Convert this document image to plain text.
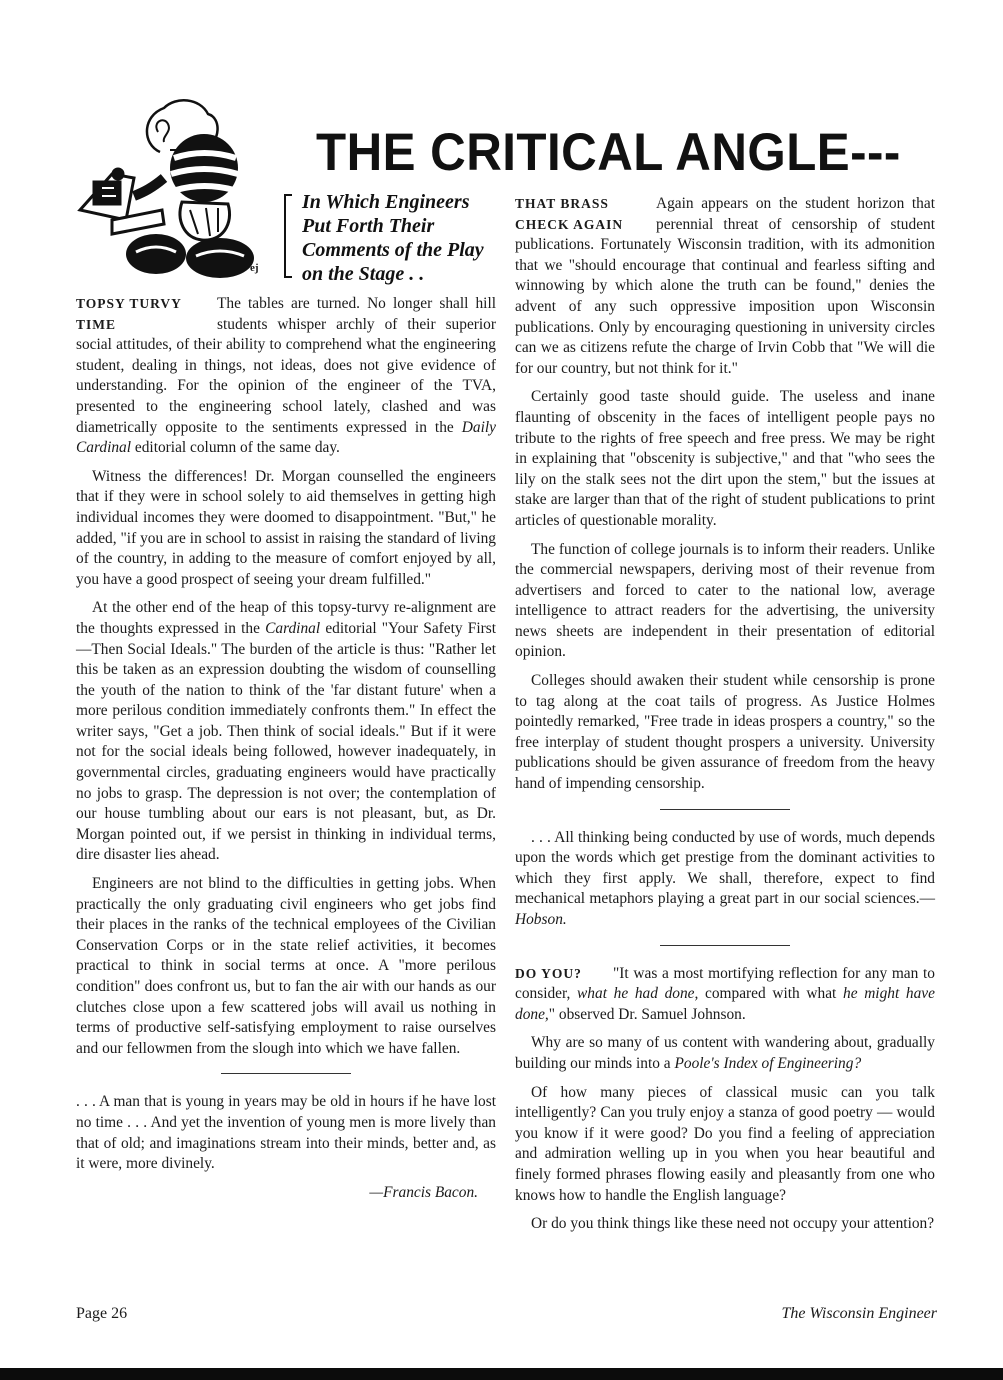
ej
THE CRITICAL ANGLE---
In Which Engineers Put Forth Their Comments of the Play on the Stage . .

TOPSY TURVY TIME
The tables are turned. No longer shall hill students whisper archly of their superior social attitudes, of their ability to comprehend what the engineering student, dealing in things, not ideas, does not give evidence of understanding. For the opinion of the engineer of the TVA, presented to the engineering school lately, clashed and was diametrically opposite to the sentiments expressed in the Daily Cardinal editorial column of the same day.

Witness the differences! Dr. Morgan counselled the engineers that if they were in school solely to aid themselves in getting high individual incomes they were doomed to disappointment. "But," he added, "if you are in school to assist in raising the standard of living of the country, in adding to the measure of comfort enjoyed by all, you have a good prospect of seeing your dream fulfilled."

At the other end of the heap of this topsy-turvy re-alignment are the thoughts expressed in the Cardinal editorial "Your Safety First—Then Social Ideals." The burden of the article is thus: "Rather let this be taken as an expression doubting the wisdom of counselling the youth of the nation to think of the 'far distant future' when a more perilous condition immediately confronts them." In effect the writer says, "Get a job. Then think of social ideals." But if it were not for the social ideals being followed, however inadequately, in governmental circles, graduating engineers would have practically no jobs to grasp. The depression is not over; the contemplation of our house tumbling about our ears is not pleasant, but, as Dr. Morgan pointed out, if we persist in thinking in individual terms, dire disaster lies ahead.

Engineers are not blind to the difficulties in getting jobs. When practically the only graduating civil engineers who get jobs find their places in the ranks of the technical employees of the Civilian Conservation Corps or in the state relief activities, it becomes practical to think in social terms at once. A "more perilous condition" does confront us, but to fan the air with our hands as our clutches close upon a few scattered jobs will avail us nothing in terms of productive self-satisfying employment to raise ourselves and our fellowmen from the slough into which we have fallen.

. . . A man that is young in years may be old in hours if he have lost no time . . . And yet the invention of young men is more lively than that of old; and imaginations stream into their minds, better and, as it were, more divinely.

—Francis Bacon.

THAT BRASS CHECK AGAIN
Again appears on the student horizon that perennial threat of censorship of student publications. Fortunately Wisconsin tradition, with its admonition that we "should encourage that continual and fearless sifting and winnowing by which alone the truth can be found," denies the advent of any such oppressive imposition upon Wisconsin publications. Only by encouraging questioning in university circles can we as citizens refute the charge of Irvin Cobb that "We will die for our country, but not think for it."

Certainly good taste should guide. The useless and inane flaunting of obscenity in the faces of intelligent people pays no tribute to the rights of free speech and free press. We may be right in explaining that "obscenity is subjective," and that "who sees the lily on the stalk sees not the dirt upon the stem," but the issues at stake are larger than that of the right of student publications to print articles of questionable morality.

The function of college journals is to inform their readers. Unlike the commercial newspapers, deriving most of their revenue from advertisers and forced to cater to the national low, average intelligence to attract readers for the advertising, the university news sheets are independent in their presentation of editorial opinion.

Colleges should awaken their student while censorship is prone to tag along at the coat tails of progress. As Justice Holmes pointedly remarked, "Free trade in ideas prospers a country," so the free interplay of student thought prospers a university. University publications should be given assurance of freedom from the heavy hand of impending censorship.

. . . All thinking being conducted by use of words, much depends upon the words which get prestige from the dominant activities to which they first apply. We shall, therefore, expect to find mechanical metaphors playing a great part in our social sciences.—Hobson.

DO YOU?	"It was a most mortifying reflection for any man to consider, what he had done, compared with what he might have done," observed Dr. Samuel Johnson.

Why are so many of us content with wandering about, gradually building our minds into a Poole's Index of Engineering?

Of how many pieces of classical music can you talk intelligently? Can you truly enjoy a stanza of good poetry — would you know if it were good? Do you find a feeling of appreciation and admiration welling up in you when you hear beautiful and finely formed phrases flowing easily and pleasantly from one who knows how to handle the English language?

Or do you think things like these need not occupy your attention?

Page 26	The Wisconsin Engineer
